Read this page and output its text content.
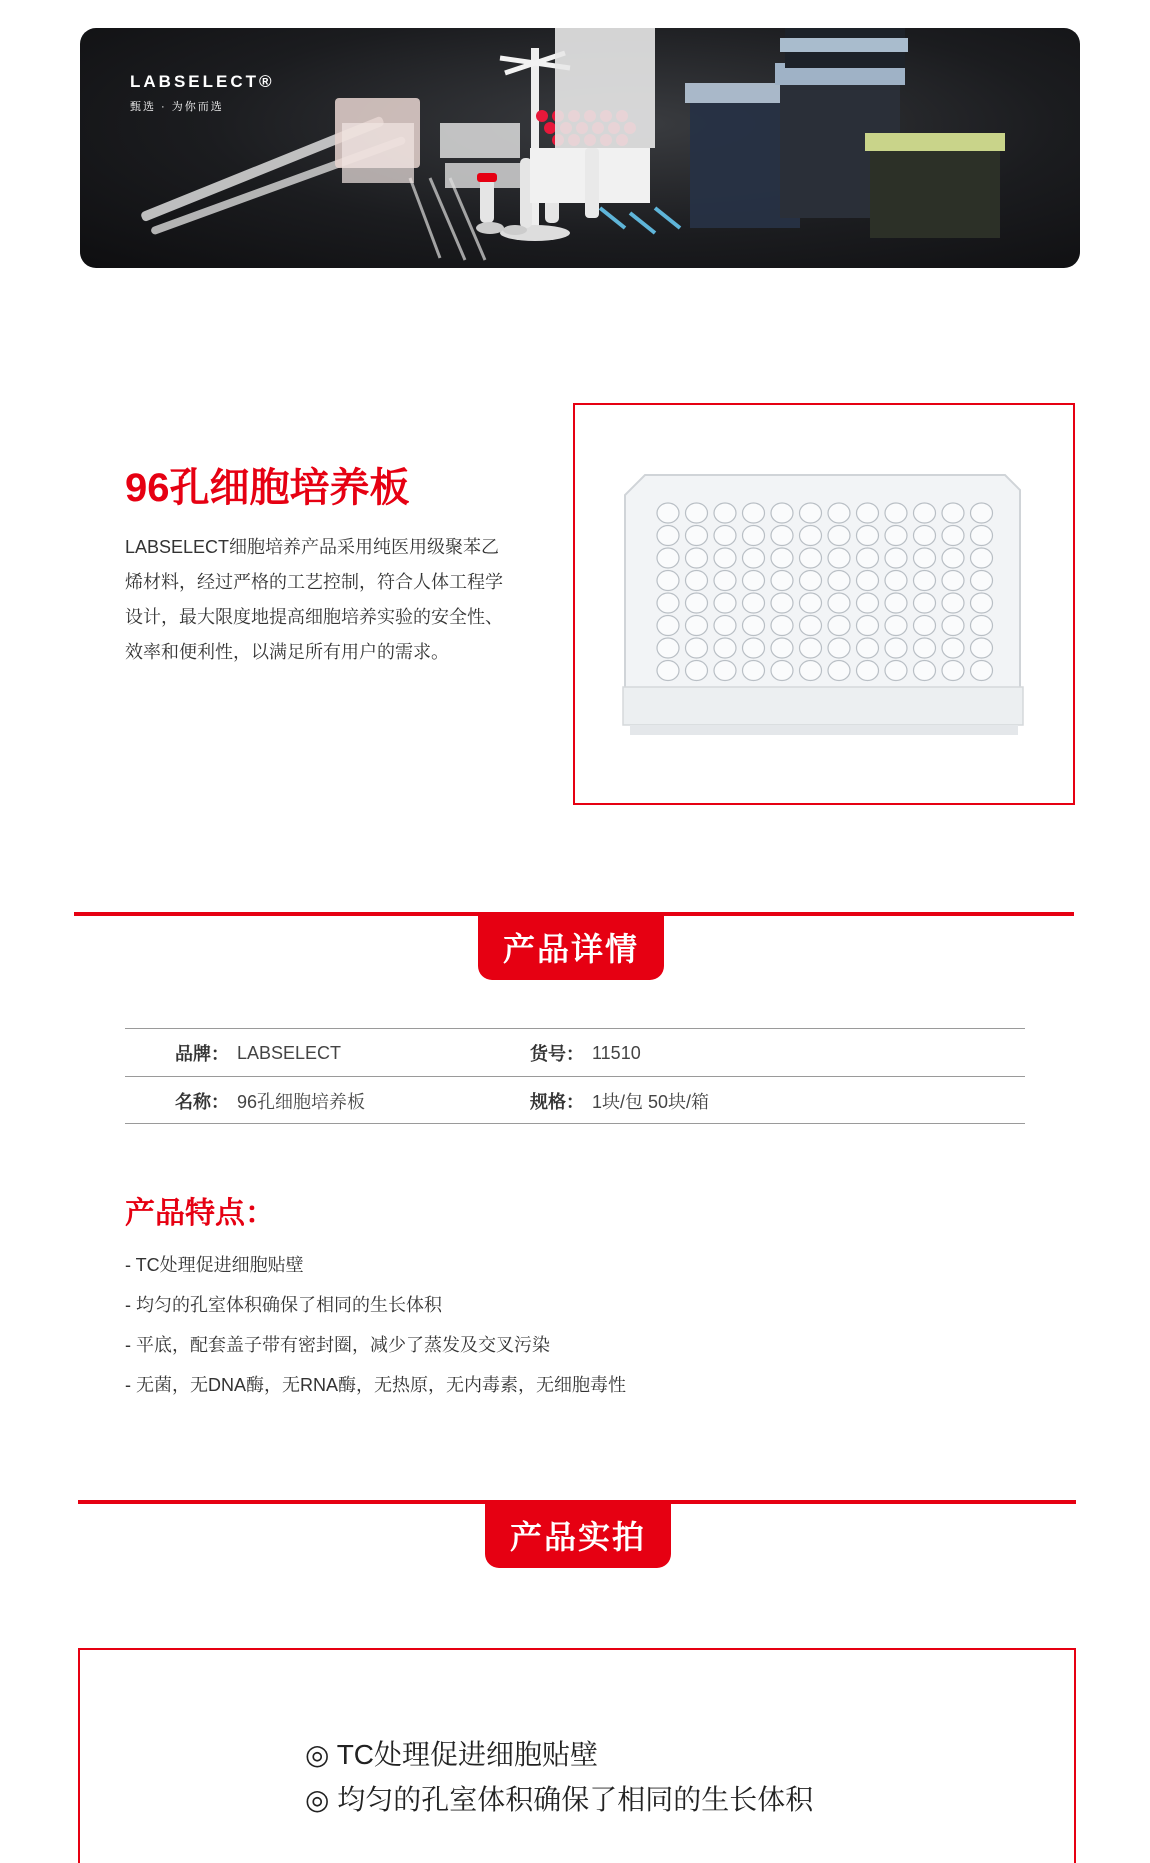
LABSELECT®
甄选 · 为你而选
96孔细胞培养板
LABSELECT细胞培养产品采用纯医用级聚苯乙
烯材料，经过严格的工艺控制，符合人体工程学
设计，最大限度地提高细胞培养实验的安全性、
效率和便利性，以满足所有用户的需求。
产品详情
品牌： LABSELECT	货号： 11510
名称： 96孔细胞培养板	规格： 1块/包 50块/箱
产品特点：
- TC处理促进细胞贴壁
- 均匀的孔室体积确保了相同的生长体积
- 平底，配套盖子带有密封圈，减少了蒸发及交叉污染
- 无菌，无DNA酶，无RNA酶，无热原，无内毒素，无细胞毒性
产品实拍
◎ TC处理促进细胞贴壁
◎ 均匀的孔室体积确保了相同的生长体积
